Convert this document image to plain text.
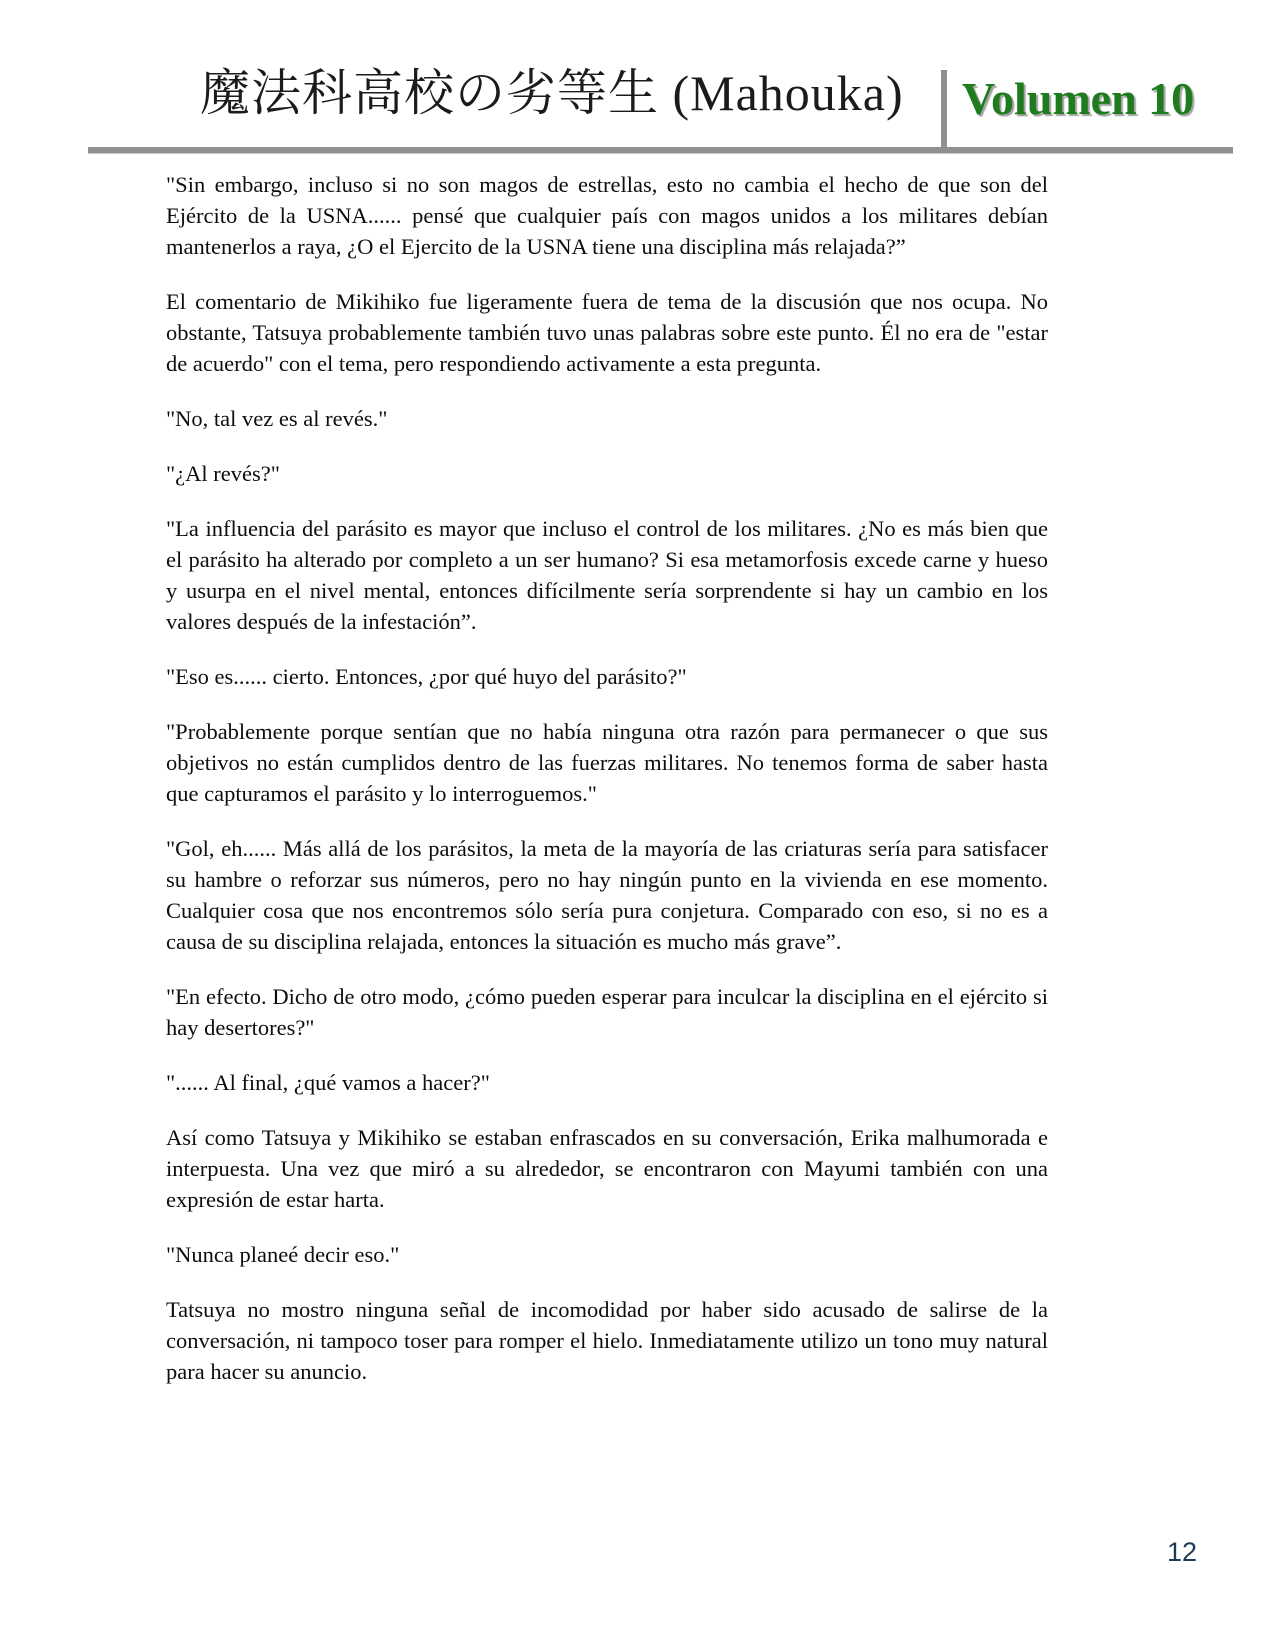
魔法科高校の劣等生 (Mahouka) Volumen 10

"Sin embargo, incluso si no son magos de estrellas, esto no cambia el hecho de que son del Ejército de la USNA...... pensé que cualquier país con magos unidos a los militares debían mantenerlos a raya, ¿O el Ejercito de la USNA tiene una disciplina más relajada?”

El comentario de Mikihiko fue ligeramente fuera de tema de la discusión que nos ocupa. No obstante, Tatsuya probablemente también tuvo unas palabras sobre este punto. Él no era de "estar de acuerdo" con el tema, pero respondiendo activamente a esta pregunta.

"No, tal vez es al revés."

"¿Al revés?"

"La influencia del parásito es mayor que incluso el control de los militares. ¿No es más bien que el parásito ha alterado por completo a un ser humano? Si esa metamorfosis excede carne y hueso y usurpa en el nivel mental, entonces difícilmente sería sorprendente si hay un cambio en los valores después de la infestación”.

"Eso es...... cierto. Entonces, ¿por qué huyo del parásito?"

"Probablemente porque sentían que no había ninguna otra razón para permanecer o que sus objetivos no están cumplidos dentro de las fuerzas militares. No tenemos forma de saber hasta que capturamos el parásito y lo interroguemos."

"Gol, eh...... Más allá de los parásitos, la meta de la mayoría de las criaturas sería para satisfacer su hambre o reforzar sus números, pero no hay ningún punto en la vivienda en ese momento. Cualquier cosa que nos encontremos sólo sería pura conjetura. Comparado con eso, si no es a causa de su disciplina relajada, entonces la situación es mucho más grave”.

"En efecto. Dicho de otro modo, ¿cómo pueden esperar para inculcar la disciplina en el ejército si hay desertores?"

"...... Al final, ¿qué vamos a hacer?"

Así como Tatsuya y Mikihiko se estaban enfrascados en su conversación, Erika malhumorada e interpuesta. Una vez que miró a su alrededor, se encontraron con Mayumi también con una expresión de estar harta.

"Nunca planeé decir eso."

Tatsuya no mostro ninguna señal de incomodidad por haber sido acusado de salirse de la conversación, ni tampoco toser para romper el hielo. Inmediatamente utilizo un tono muy natural para hacer su anuncio.

12
